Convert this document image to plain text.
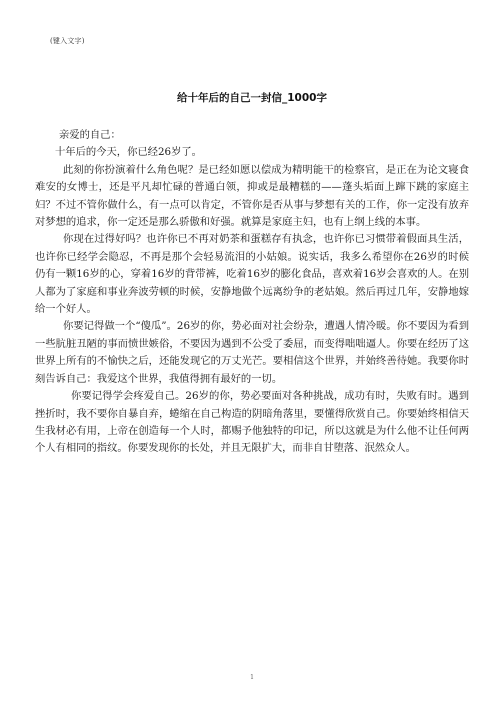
(键入文字)
给十年后的自己一封信_1000字

亲爱的自己：

十年后的今天，你已经26岁了。

此刻的你扮演着什么角色呢？是已经如愿以偿成为精明能干的检察官，是正在为论文寝食难安的女博士，还是平凡却忙碌的普通白领，抑或是最糟糕的——蓬头垢面上蹿下跳的家庭主妇？不过不管你做什么，有一点可以肯定，不管你是否从事与梦想有关的工作，你一定没有放弃对梦想的追求，你一定还是那么骄傲和好强。就算是家庭主妇，也有上纲上线的本事。

你现在过得好吗？也许你已不再对奶茶和蛋糕存有执念，也许你已习惯带着假面具生活，也许你已经学会隐忍，不再是那个会轻易流泪的小姑娘。说实话，我多么希望你在26岁的时候仍有一颗16岁的心，穿着16岁的背带裤，吃着16岁的膨化食品，喜欢着16岁会喜欢的人。在别人都为了家庭和事业奔波劳顿的时候，安静地做个远离纷争的老姑娘。然后再过几年，安静地嫁给一个好人。

你要记得做一个“傻瓜”。26岁的你，势必面对社会纷杂，遭遇人情冷暖。你不要因为看到一些肮脏丑陋的事而愤世嫉俗，不要因为遇到不公受了委屈，而变得咄咄逼人。你要在经历了这世界上所有的不愉快之后，还能发现它的万丈光芒。要相信这个世界，并始终善待她。我要你时刻告诉自己：我爱这个世界，我值得拥有最好的一切。

你要记得学会疼爱自己。26岁的你，势必要面对各种挑战，成功有时，失败有时。遇到挫折时，我不要你自暴自弃，蜷缩在自己构造的阴暗角落里，要懂得欣赏自己。你要始终相信天生我材必有用，上帝在创造每一个人时，都赐予他独特的印记，所以这就是为什么他不让任何两个人有相同的指纹。你要发现你的长处，并且无限扩大，而非自甘堕落、泯然众人。

1
